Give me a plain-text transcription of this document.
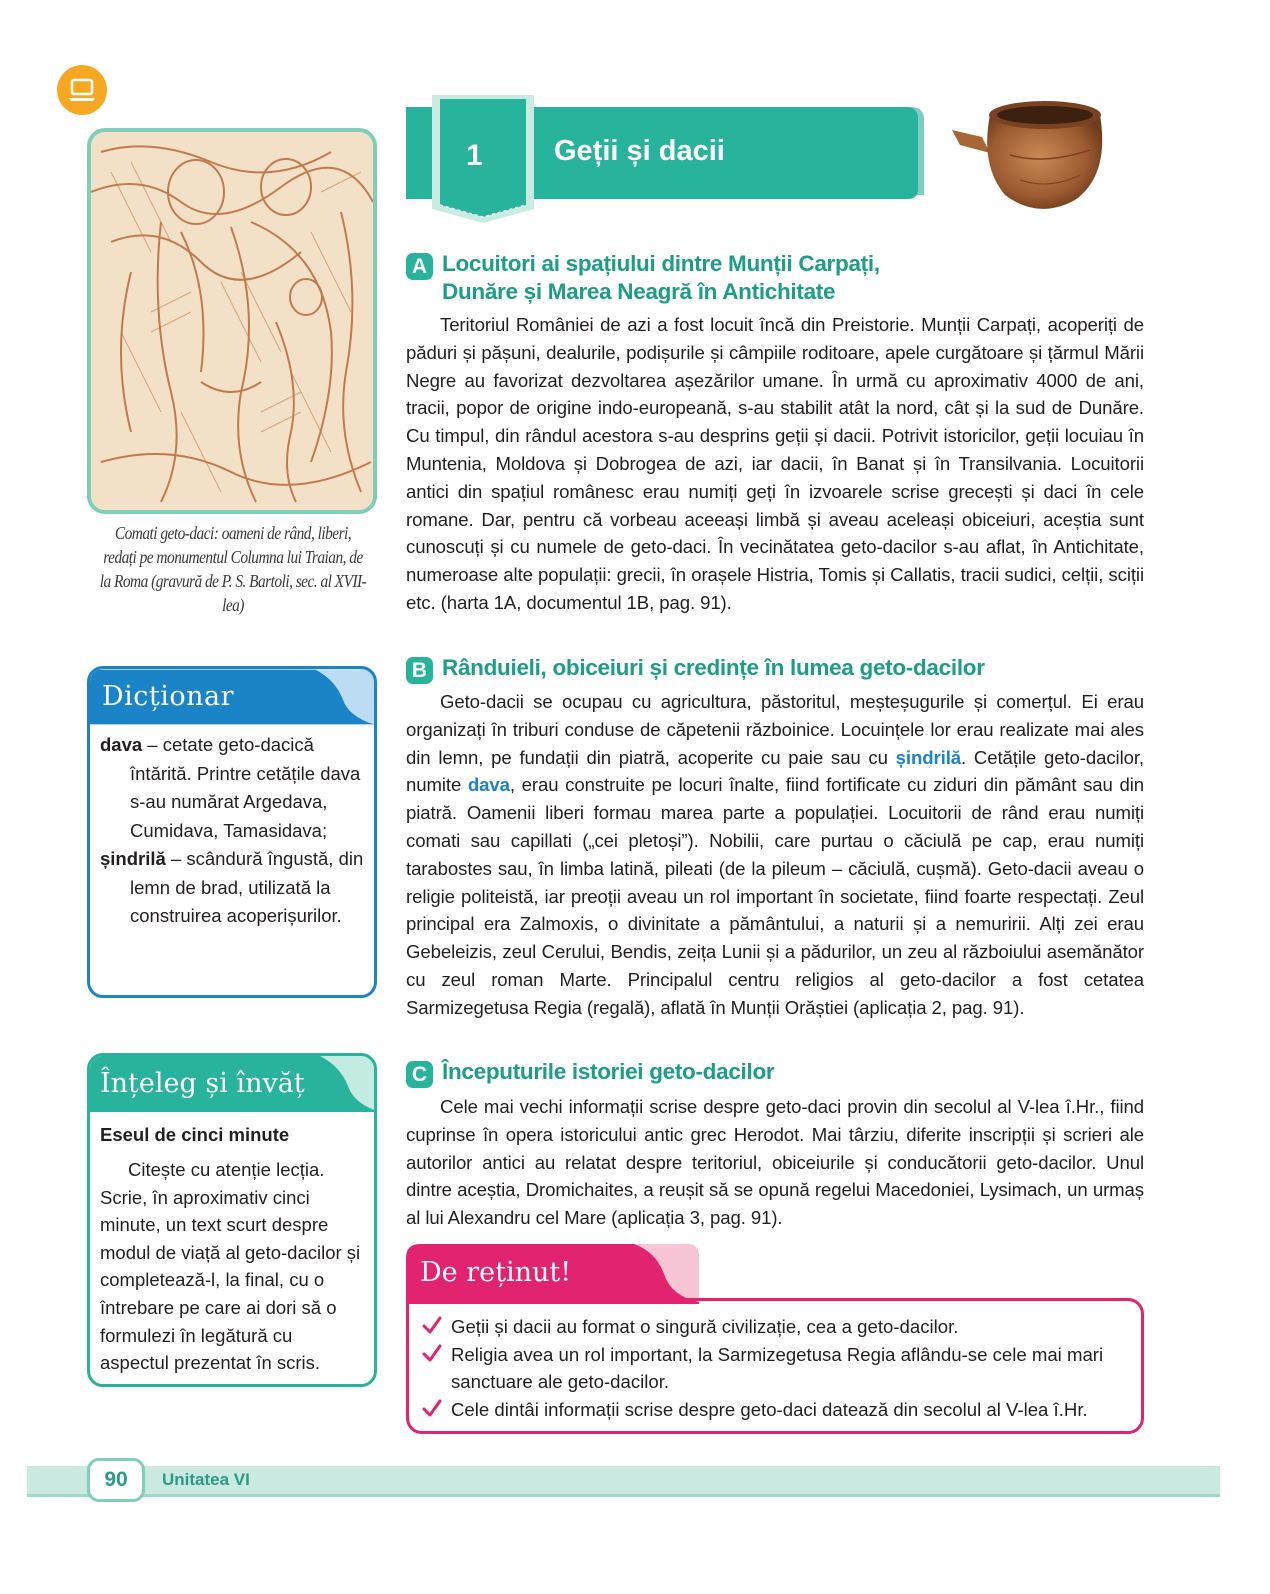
Comati geto-daci: oameni de rând, liberi, redați pe monumentul Columna lui Traian, de la Roma (gravură de P. S. Bartoli, sec. al XVII-lea)
Dicționar

dava – cetate geto-dacică întărită. Printre cetățile dava s-au numărat Argedava, Cumidava, Tamasidava;

șindrilă – scândură îngustă, din lemn de brad, utilizată la construirea acoperișurilor.

Înțeleg și învăț
Eseul de cinci minute
Citește cu atenție lecția. Scrie, în aproximativ cinci minute, un text scurt despre modul de viață al geto-dacilor și completează-l, la final, cu o întrebare pe care ai dori să o formulezi în legătură cu aspectul prezentat în scris.
1 Geții și dacii
A Locuitori ai spațiului dintre Munții Carpați,
Dunăre și Marea Neagră în Antichitate

Teritoriul României de azi a fost locuit încă din Preistorie. Munții Carpați, acoperiți de păduri și pășuni, dealurile, podișurile și câmpiile roditoare, apele curgătoare și țărmul Mării Negre au favorizat dezvoltarea așezărilor umane. În urmă cu aproximativ 4000 de ani, tracii, popor de origine indo-europeană, s-au stabilit atât la nord, cât și la sud de Dunăre. Cu timpul, din rândul acestora s-au desprins geții și dacii. Potrivit istoricilor, geții locuiau în Muntenia, Moldova și Dobrogea de azi, iar dacii, în Banat și în Transilvania. Locuitorii antici din spațiul românesc erau numiți geți în izvoarele scrise grecești și daci în cele romane. Dar, pentru că vorbeau aceeași limbă și aveau aceleași obiceiuri, aceștia sunt cunoscuți și cu numele de geto-daci. În vecinătatea geto-dacilor s-au aflat, în Antichitate, numeroase alte populații: grecii, în orașele Histria, Tomis și Callatis, tracii sudici, celții, sciții etc. (harta 1A, documentul 1B, pag. 91).

B Rânduieli, obiceiuri și credințe în lumea geto-dacilor

Geto-dacii se ocupau cu agricultura, păstoritul, meșteșugurile și comerțul. Ei erau organizați în triburi conduse de căpetenii războinice. Locuințele lor erau realizate mai ales din lemn, pe fundații din piatră, acoperite cu paie sau cu șindrilă. Cetățile geto-dacilor, numite dava, erau construite pe locuri înalte, fiind fortificate cu ziduri din pământ sau din piatră. Oamenii liberi formau marea parte a populației. Locuitorii de rând erau numiți comati sau capillati („cei pletoși”). Nobilii, care purtau o căciulă pe cap, erau numiți tarabostes sau, în limba latină, pileati (de la pileum – căciulă, cușmă). Geto-dacii aveau o religie politeistă, iar preoții aveau un rol important în societate, fiind foarte respectați. Zeul principal era Zalmoxis, o divinitate a pământului, a naturii și a nemuririi. Alți zei erau Gebeleizis, zeul Cerului, Bendis, zeița Lunii și a pădurilor, un zeu al războiului asemănător cu zeul roman Marte. Principalul centru religios al geto-dacilor a fost cetatea Sarmizegetusa Regia (regală), aflată în Munții Orăștiei (aplicația 2, pag. 91).

C Începuturile istoriei geto-dacilor

Cele mai vechi informații scrise despre geto-daci provin din secolul al V-lea î.Hr., fiind cuprinse în opera istoricului antic grec Herodot. Mai târziu, diferite inscripții și scrieri ale autorilor antici au relatat despre teritoriul, obiceiurile și conducătorii geto-dacilor. Unul dintre aceștia, Dromichaites, a reușit să se opună regelui Macedoniei, Lysimach, un urmaș al lui Alexandru cel Mare (aplicația 3, pag. 91).

De reținut!
Geții și dacii au format o singură civilizație, cea a geto-dacilor.
Religia avea un rol important, la Sarmizegetusa Regia aflându-se cele mai mari sanctuare ale geto-dacilor.
Cele dintâi informații scrise despre geto-daci datează din secolul al V-lea î.Hr.
90	Unitatea VI
